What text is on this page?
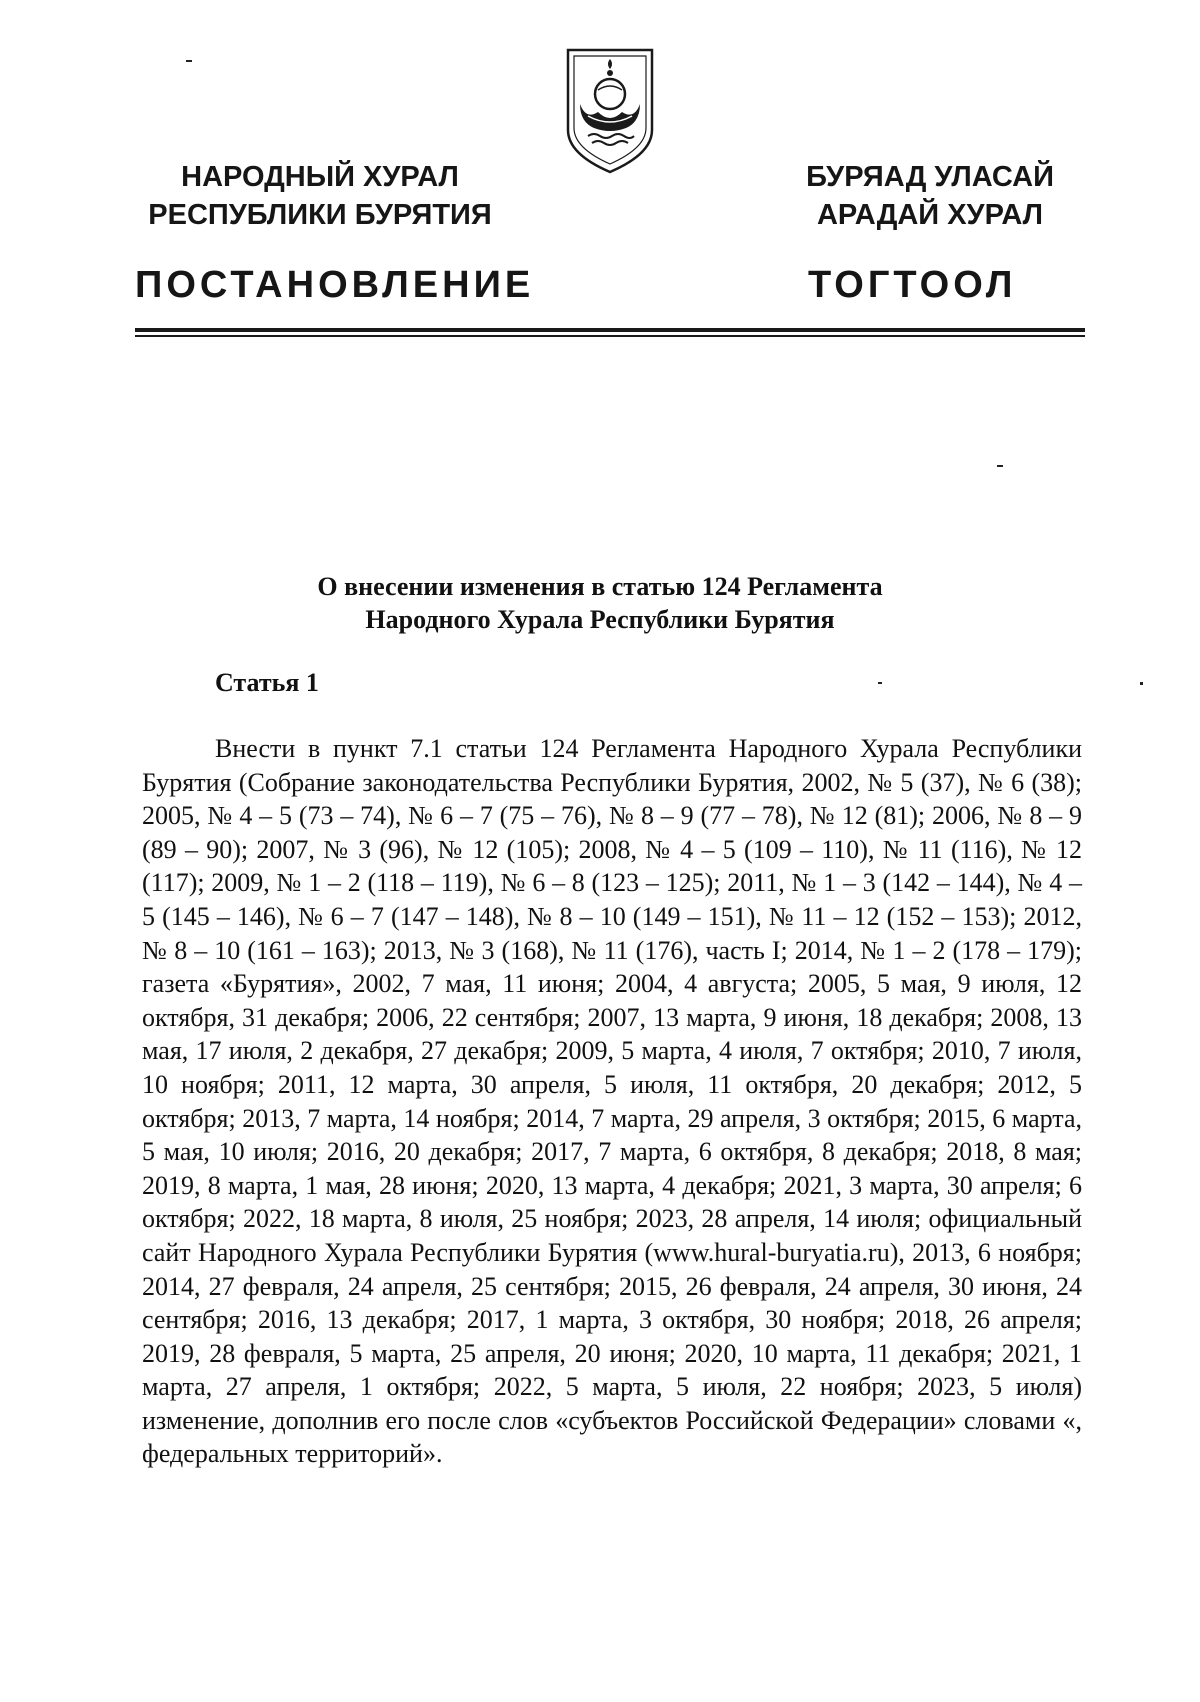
НАРОДНЫЙ ХУРАЛ
РЕСПУБЛИКИ БУРЯТИЯ
БУРЯАД УЛАСАЙ
АРАДАЙ ХУРАЛ
ПОСТАНОВЛЕНИЕ	ТОГТООЛ
О внесении изменения в статью 124 Регламента
Народного Хурала Республики Бурятия
Статья 1
Внести в пункт 7.1 статьи 124 Регламента Народного Хурала Республики Бурятия (Собрание законодательства Республики Бурятия, 2002, № 5 (37), № 6 (38); 2005, № 4 – 5 (73 – 74), № 6 – 7 (75 – 76), № 8 – 9 (77 – 78), № 12 (81); 2006, № 8 – 9 (89 – 90); 2007, № 3 (96), № 12 (105); 2008, № 4 – 5 (109 – 110), № 11 (116), № 12 (117); 2009, № 1 – 2 (118 – 119), № 6 – 8 (123 – 125); 2011, № 1 – 3 (142 – 144), № 4 – 5 (145 – 146), № 6 – 7 (147 – 148), № 8 – 10 (149 – 151), № 11 – 12 (152 – 153); 2012, № 8 – 10 (161 – 163); 2013, № 3 (168), № 11 (176), часть I; 2014, № 1 – 2 (178 – 179); газета «Бурятия», 2002, 7 мая, 11 июня; 2004, 4 августа; 2005, 5 мая, 9 июля, 12 октября, 31 декабря; 2006, 22 сентября; 2007, 13 марта, 9 июня, 18 декабря; 2008, 13 мая, 17 июля, 2 декабря, 27 декабря; 2009, 5 марта, 4 июля, 7 октября; 2010, 7 июля, 10 ноября; 2011, 12 марта, 30 апреля, 5 июля, 11 октября, 20 декабря; 2012, 5 октября; 2013, 7 марта, 14 ноября; 2014, 7 марта, 29 апреля, 3 октября; 2015, 6 марта, 5 мая, 10 июля; 2016, 20 декабря; 2017, 7 марта, 6 октября, 8 декабря; 2018, 8 мая; 2019, 8 марта, 1 мая, 28 июня; 2020, 13 марта, 4 декабря; 2021, 3 марта, 30 апреля; 6 октября; 2022, 18 марта, 8 июля, 25 ноября; 2023, 28 апреля, 14 июля; официальный сайт Народного Хурала Республики Бурятия (www.hural-buryatia.ru), 2013, 6 ноября; 2014, 27 февраля, 24 апреля, 25 сентября; 2015, 26 февраля, 24 апреля, 30 июня, 24 сентября; 2016, 13 декабря; 2017, 1 марта, 3 октября, 30 ноября; 2018, 26 апреля; 2019, 28 февраля, 5 марта, 25 апреля, 20 июня; 2020, 10 марта, 11 декабря; 2021, 1 марта, 27 апреля, 1 октября; 2022, 5 марта, 5 июля, 22 ноября; 2023, 5 июля) изменение, дополнив его после слов «субъектов Российской Федерации» словами «, федеральных территорий».
